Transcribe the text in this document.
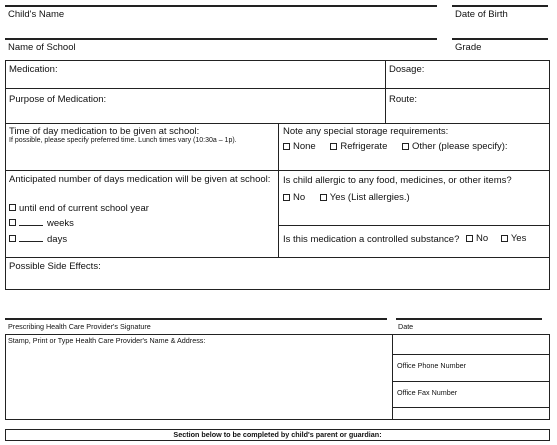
Child's Name	Date of Birth
Name of School	Grade
Medication:	Dosage:
Purpose of Medication:	Route:
Time of day medication to be given at school:
If possible, please specify preferred time. Lunch times vary (10:30a – 1p).
Note any special storage requirements:
None
	Refrigerate
	Other (please specify):
Anticipated number of days medication will be given at school:
until end of current school year
weeks
days
Is child allergic to any food, medicines, or other items?
No
	Yes (List allergies.)
Is this medication a controlled substance? No
Yes
Possible Side Effects:
Prescribing Health Care Provider's Signature	Date
Stamp, Print or Type Health Care Provider's Name & Address:
Office Phone Number
Office Fax Number
Section below to be completed by child's parent or guardian:
